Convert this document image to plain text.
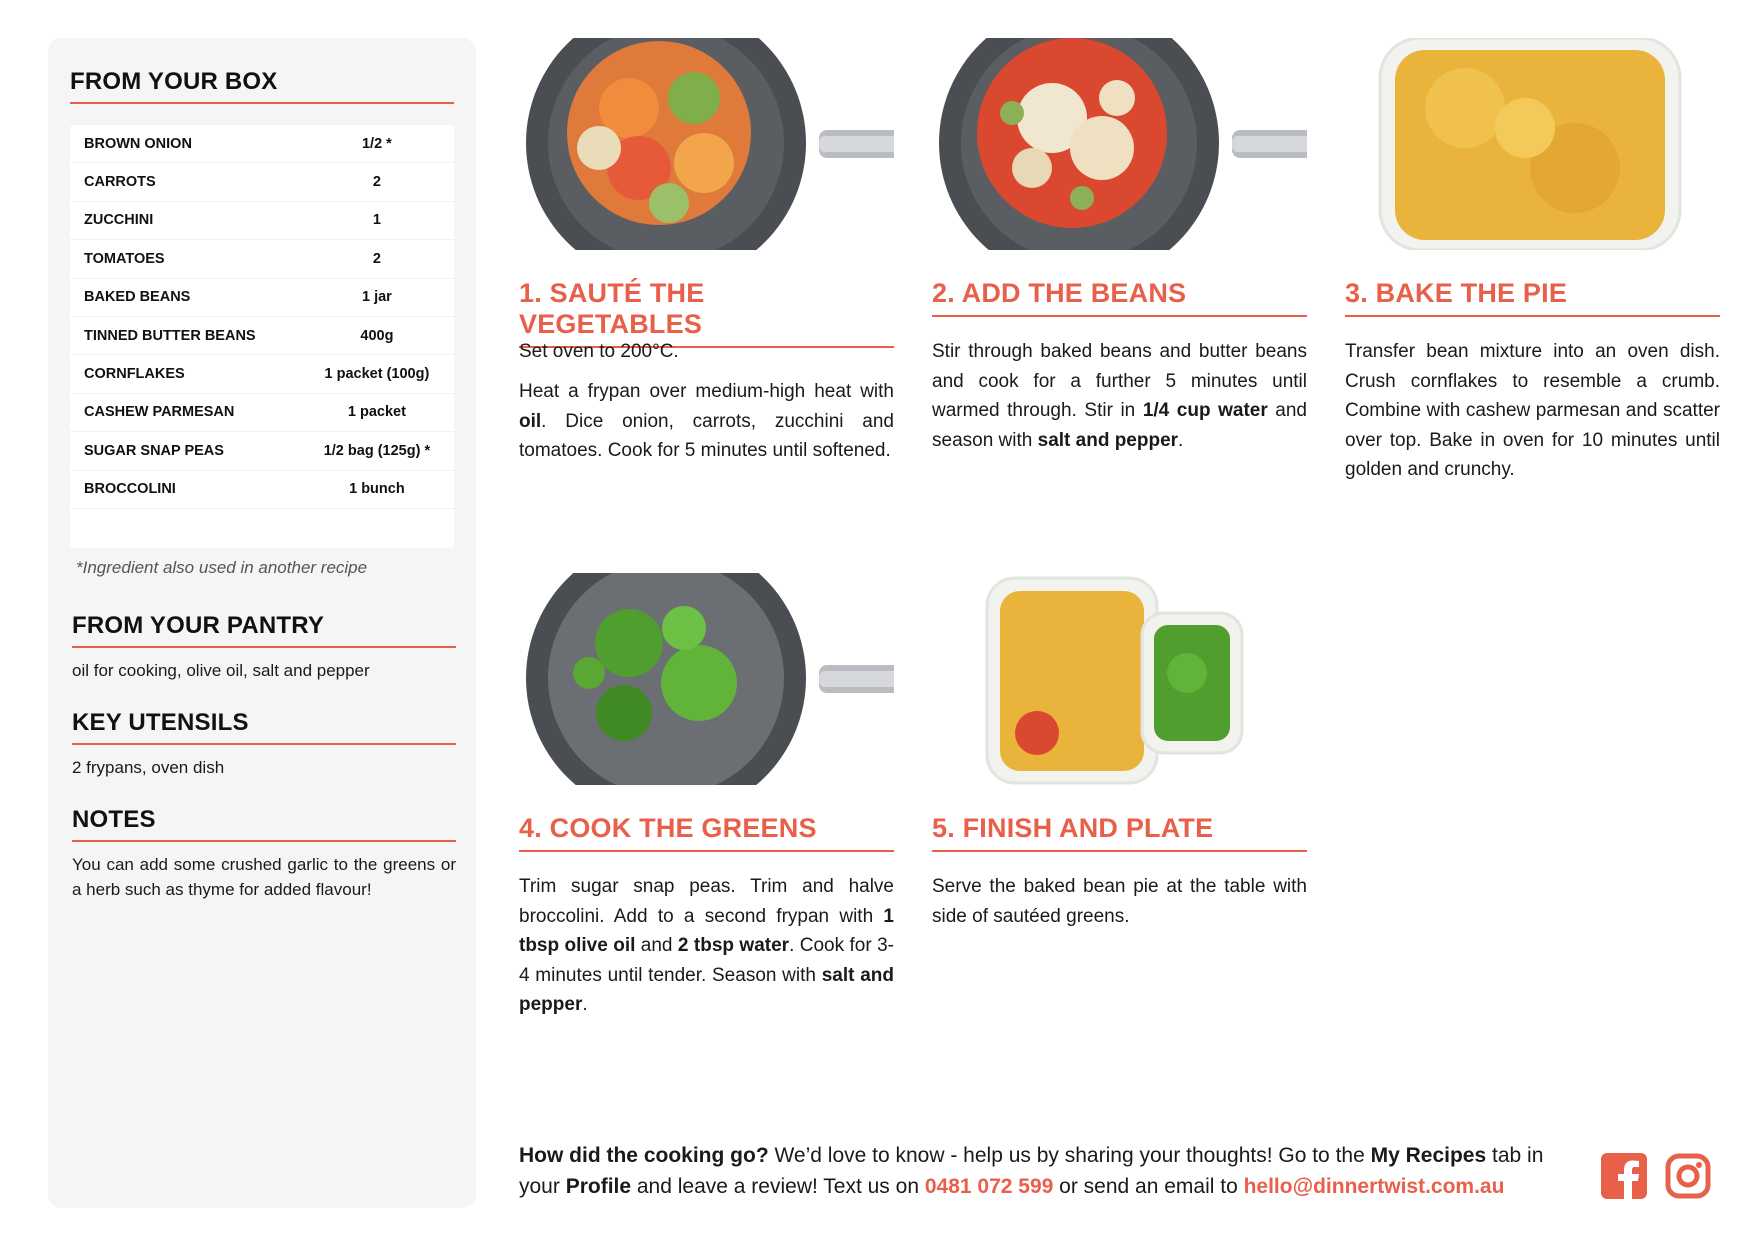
FROM YOUR BOX
BROWN ONION	1/2 *
CARROTS	2
ZUCCHINI	1
TOMATOES	2
BAKED BEANS	1 jar
TINNED BUTTER BEANS	400g
CORNFLAKES	1 packet (100g)
CASHEW PARMESAN	1 packet
SUGAR SNAP PEAS	1/2 bag (125g) *
BROCCOLINI	1 bunch
*Ingredient also used in another recipe
FROM YOUR PANTRY
oil for cooking, olive oil, salt and pepper
KEY UTENSILS
2 frypans, oven dish
NOTES
You can add some crushed garlic to the greens or a herb such as thyme for added flavour!
1. SAUTÉ THE VEGETABLES

Set oven to 200°C.

Heat a frypan over medium-high heat with oil. Dice onion, carrots, zucchini and tomatoes. Cook for 5 minutes until softened.

2. ADD THE BEANS

Stir through baked beans and butter beans and cook for a further 5 minutes until warmed through. Stir in 1/4 cup water and season with salt and pepper.

3. BAKE THE PIE

Transfer bean mixture into an oven dish. Crush cornflakes to resemble a crumb. Combine with cashew parmesan and scatter over top. Bake in oven for 10 minutes until golden and crunchy.

4. COOK THE GREENS

Trim sugar snap peas. Trim and halve broccolini. Add to a second frypan with 1 tbsp olive oil and 2 tbsp water. Cook for 3-4 minutes until tender. Season with salt and pepper.

5. FINISH AND PLATE

Serve the baked bean pie at the table with side of sautéed greens.

How did the cooking go? We’d love to know - help us by sharing your thoughts! Go to the My Recipes tab in your Profile and leave a review! Text us on 0481 072 599 or send an email to hello@dinnertwist.com.au
